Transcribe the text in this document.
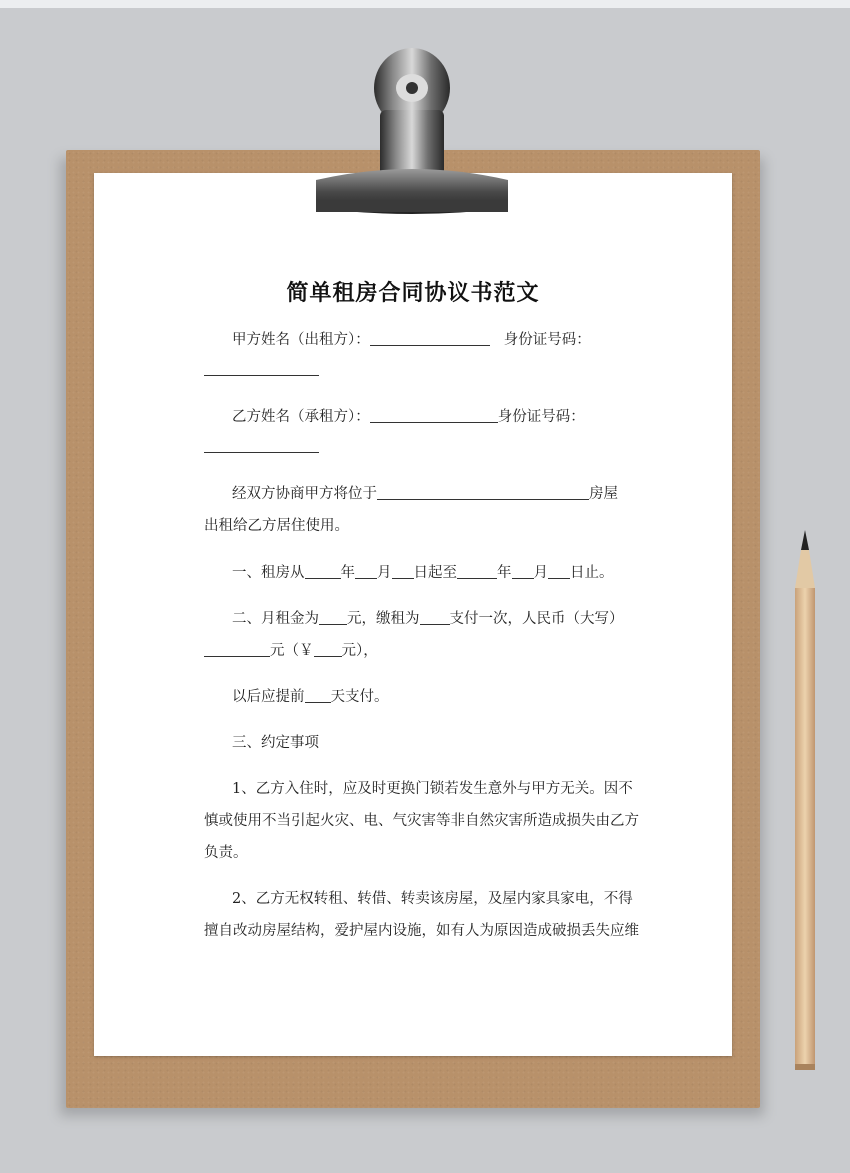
简单租房合同协议书范文
甲方姓名（出租方）：	身份证号码：
乙方姓名（承租方）：	身份证号码：
经双方协商甲方将位于	房屋
出租给乙方居住使用。
一、租房从 年 月 日起至	年 月 日止。
二、月租金为 元，缴租为 支付一次，人民币（大写）
元（￥ 元），
以后应提前 天支付。
三、约定事项
1、乙方入住时，应及时更换门锁若发生意外与甲方无关。因不
慎或使用不当引起火灾、电、气灾害等非自然灾害所造成损失由乙方
负责。
2、乙方无权转租、转借、转卖该房屋，及屋内家具家电，不得
擅自改动房屋结构，爱护屋内设施，如有人为原因造成破损丢失应维
